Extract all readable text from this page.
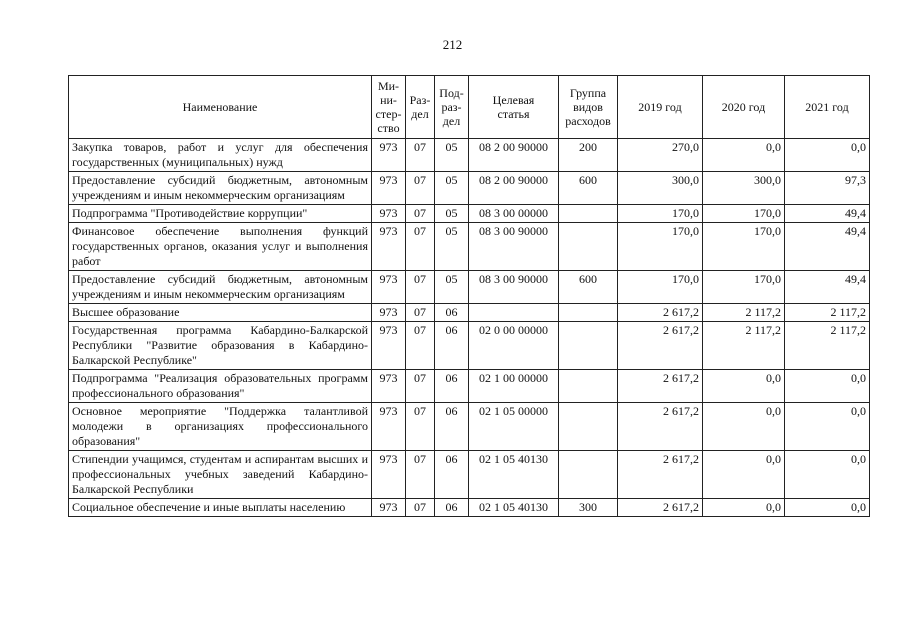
212
Наименование	Ми-
ни-
стер-
ство	Раз-
дел	Под-
раз-
дел	Целевая
статья	Группа
видов
расходов	2019 год	2020 год	2021 год
Закупка товаров, работ и услуг для обеспечения государственных (муниципальных) нужд	973	07	05	08 2 00 90000	200	270,0	0,0	0,0
Предоставление субсидий бюджетным, автономным учреждениям и иным некоммерческим организациям	973	07	05	08 2 00 90000	600	300,0	300,0	97,3
Подпрограмма "Противодействие коррупции"	973	07	05	08 3 00 00000		170,0	170,0	49,4
Финансовое обеспечение выполнения функций государственных органов, оказания услуг и выполнения работ	973	07	05	08 3 00 90000		170,0	170,0	49,4
Предоставление субсидий бюджетным, автономным учреждениям и иным некоммерческим организациям	973	07	05	08 3 00 90000	600	170,0	170,0	49,4
Высшее образование	973	07	06			2 617,2	2 117,2	2 117,2
Государственная программа Кабардино-Балкарской Республики "Развитие образования в Кабардино-Балкарской Республике"	973	07	06	02 0 00 00000		2 617,2	2 117,2	2 117,2
Подпрограмма "Реализация образовательных программ профессионального образования"	973	07	06	02 1 00 00000		2 617,2	0,0	0,0
Основное мероприятие "Поддержка талантливой молодежи в организациях профессионального образования"	973	07	06	02 1 05 00000		2 617,2	0,0	0,0
Стипендии учащимся, студентам и аспирантам высших и профессиональных учебных заведений Кабардино-Балкарской Республики	973	07	06	02 1 05 40130		2 617,2	0,0	0,0
Социальное обеспечение и иные выплаты населению	973	07	06	02 1 05 40130	300	2 617,2	0,0	0,0
